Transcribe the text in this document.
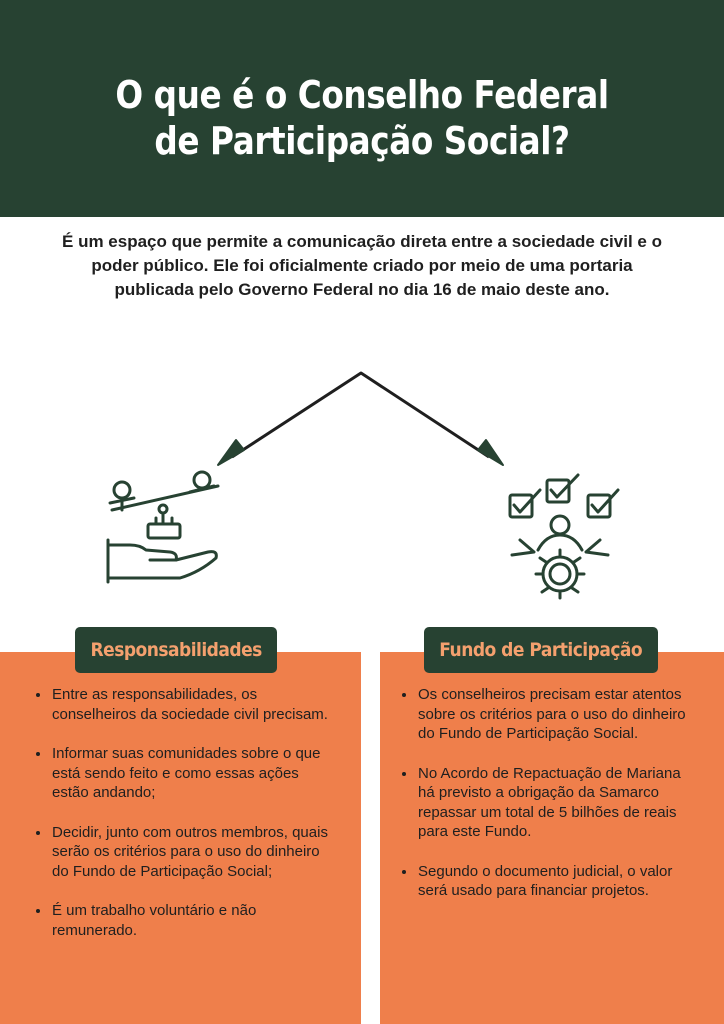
O que é o Conselho Federal
de Participação Social?

É um espaço que permite a comunicação direta entre a sociedade civil e o poder público. Ele foi oficialmente criado por meio de uma portaria publicada pelo Governo Federal no dia 16 de maio deste ano.

Responsabilidades	Fundo de Participação
Entre as responsabilidades, os conselheiros da sociedade civil precisam.
Informar suas comunidades sobre o que está sendo feito e como essas ações estão andando;
Decidir, junto com outros membros, quais serão os critérios para o uso do dinheiro do Fundo de Participação Social;
É um trabalho voluntário e não remunerado.
Os conselheiros precisam estar atentos sobre os critérios para o uso do dinheiro do Fundo de Participação Social.
No Acordo de Repactuação de Mariana há previsto a obrigação da Samarco repassar um total de 5 bilhões de reais para este Fundo.
Segundo o documento judicial, o valor será usado para financiar projetos.
